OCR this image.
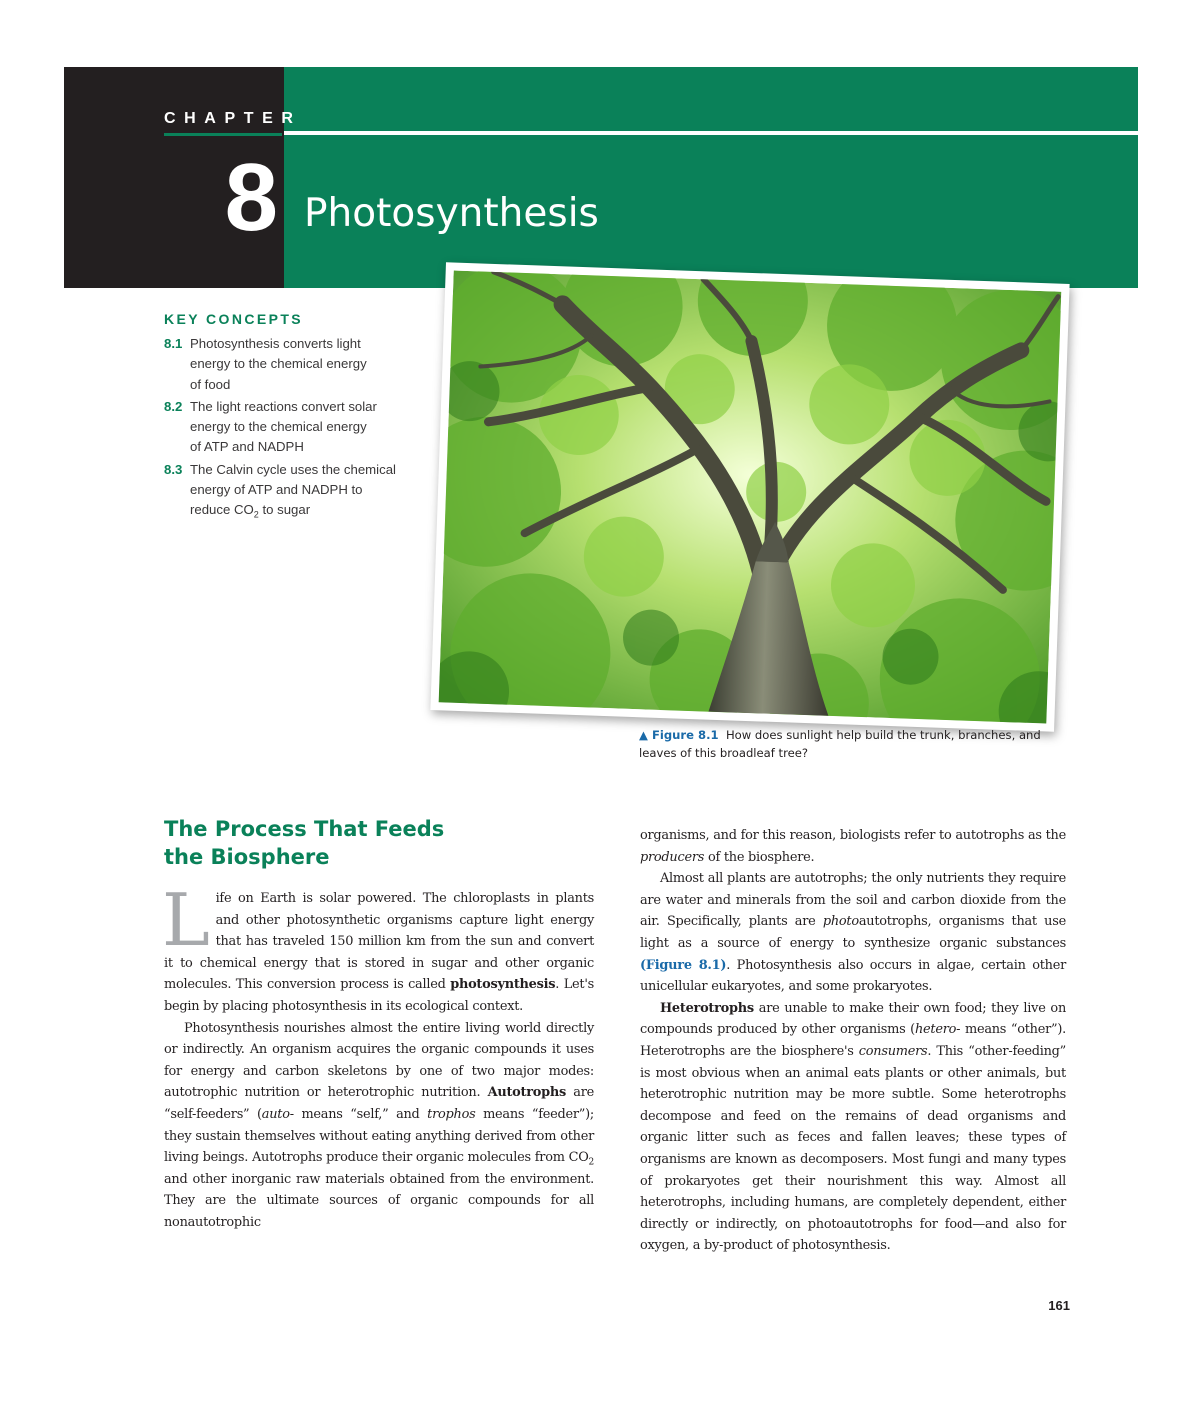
CHAPTER
8 Photosynthesis
KEY CONCEPTS
8.1 Photosynthesis converts light
energy to the chemical energy
of food
8.2 The light reactions convert solar
energy to the chemical energy
of ATP and NADPH
8.3 The Calvin cycle uses the chemical
energy of ATP and NADPH to
reduce $CO_2$ to sugar
▲ Figure 8.1 How does sunlight help build the trunk, branches, and leaves of this broadleaf tree?
The Process That Feeds the Biosphere

Life on Earth is solar powered. The chloroplasts in plants and other photosynthetic organisms capture light energy that has traveled 150 million km from the sun and convert it to chemical energy that is stored in sugar and other organic molecules. This conversion process is called photosynthesis. Let's begin by placing photosynthesis in its ecological context.

Photosynthesis nourishes almost the entire living world directly or indirectly. An organism acquires the organic compounds it uses for energy and carbon skeletons by one of two major modes: autotrophic nutrition or heterotrophic nutrition. Autotrophs are “self-feeders” (auto- means “self,” and trophos means “feeder”); they sustain themselves without eating anything derived from other living beings. Autotrophs produce their organic molecules from $CO_2$ and other inorganic raw materials obtained from the environment. They are the ultimate sources of organic compounds for all nonautotrophic

organisms, and for this reason, biologists refer to autotrophs as the producers of the biosphere.

Almost all plants are autotrophs; the only nutrients they require are water and minerals from the soil and carbon dioxide from the air. Specifically, plants are photoautotrophs, organisms that use light as a source of energy to synthesize organic substances (Figure 8.1). Photosynthesis also occurs in algae, certain other unicellular eukaryotes, and some prokaryotes.

Heterotrophs are unable to make their own food; they live on compounds produced by other organisms (hetero- means “other”). Heterotrophs are the biosphere's consumers. This “other-feeding” is most obvious when an animal eats plants or other animals, but heterotrophic nutrition may be more subtle. Some heterotrophs decompose and feed on the remains of dead organisms and organic litter such as feces and fallen leaves; these types of organisms are known as decomposers. Most fungi and many types of prokaryotes get their nourishment this way. Almost all heterotrophs, including humans, are completely dependent, either directly or indirectly, on photoautotrophs for food—and also for oxygen, a by-product of photosynthesis.

161
